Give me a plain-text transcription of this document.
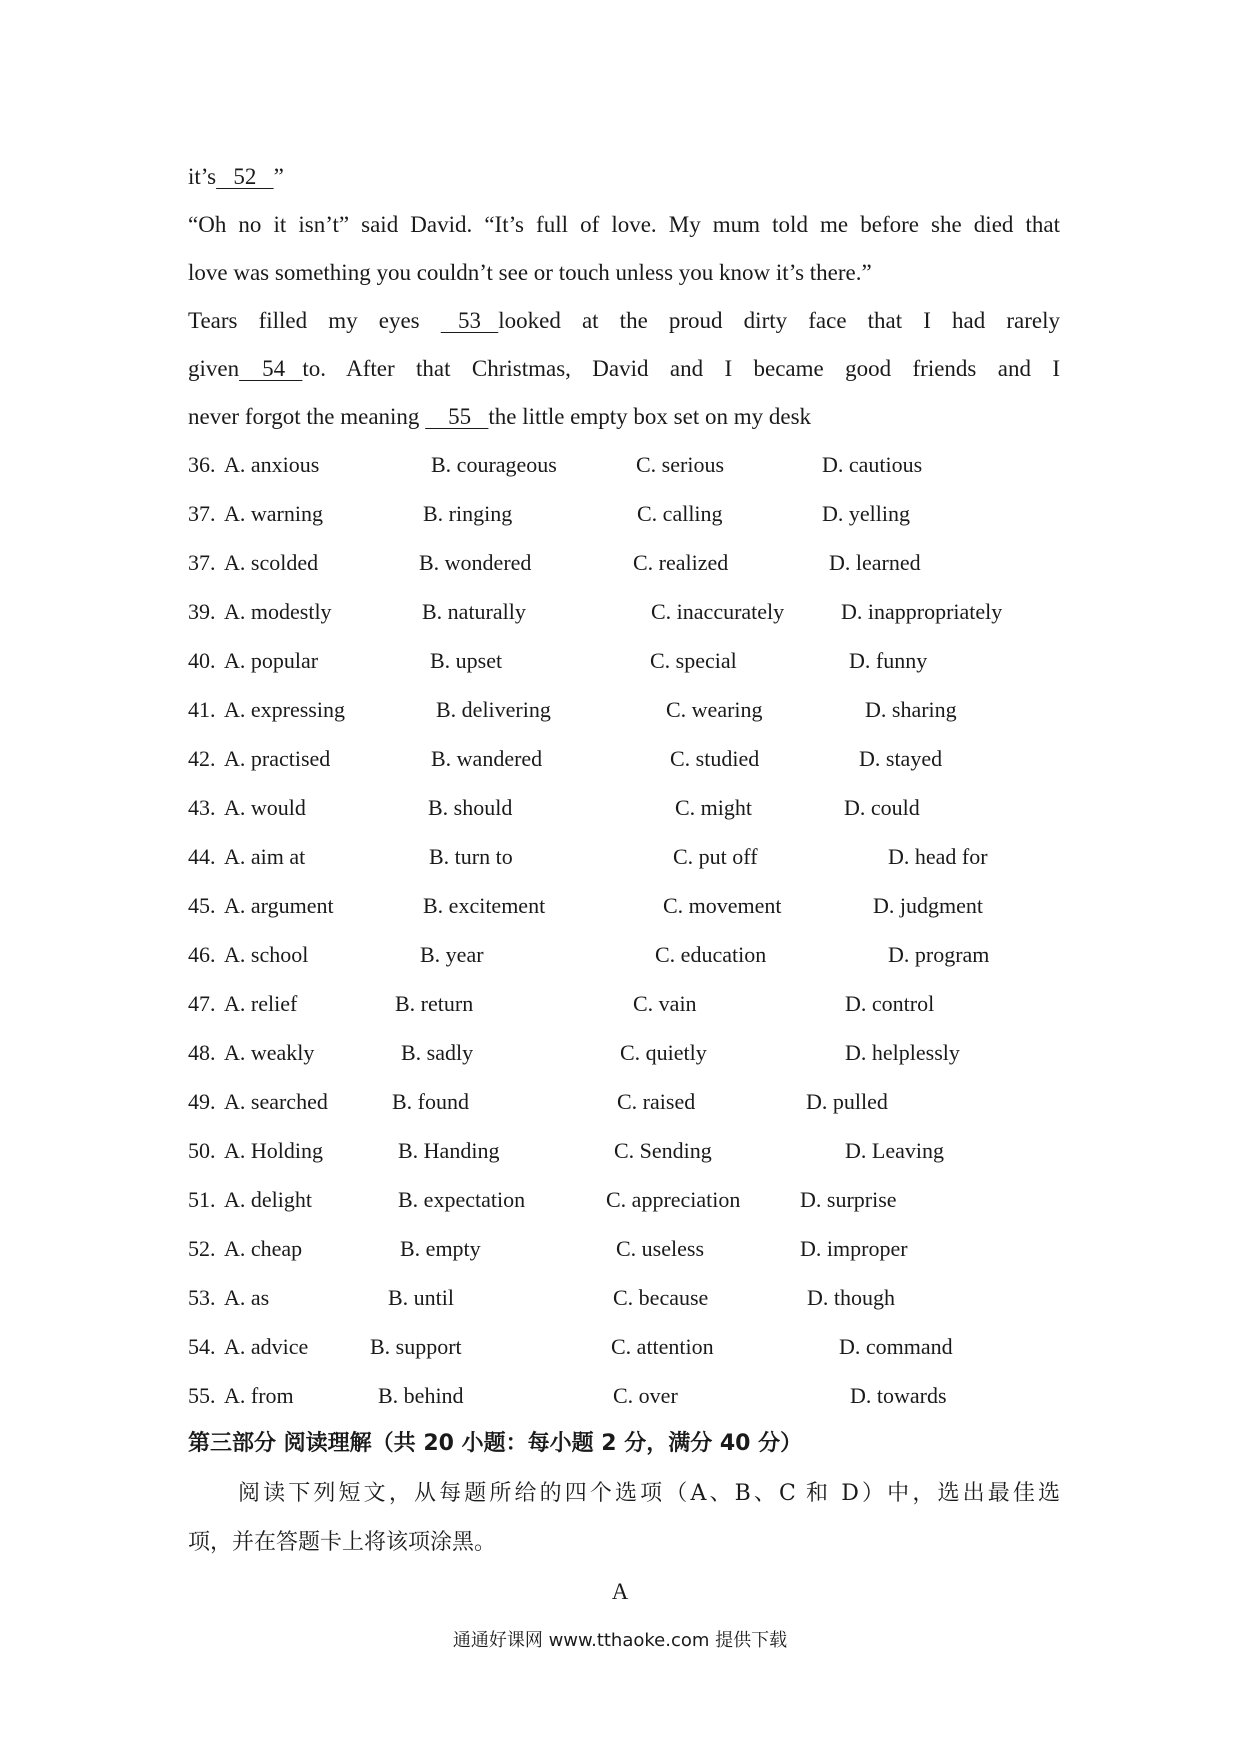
it’s   52   ”
“Oh no it isn’t” said David. “It’s full of love. My mum told me before she died that
love was something you couldn’t see or touch unless you know it’s there.”
Tears filled my eyes    53   looked at the proud dirty face that I had rarely
given    54   to. After that Christmas, David and I became good friends and I
never forgot the meaning     55   the little empty box set on my desk
36. A. anxious	B. courageous	C. serious	D. cautious
37. A. warning	B. ringing	C. calling	D. yelling
37. A. scolded	B. wondered	C. realized	D. learned
39. A. modestly	B. naturally	C. inaccurately	D. inappropriately
40. A. popular	B. upset	C. special	D. funny
41. A. expressing	B. delivering	C. wearing	D. sharing
42. A. practised	B. wandered	C. studied	D. stayed
43. A. would	B. should	C. might	D. could
44. A. aim at	B. turn to	C. put off	D. head for
45. A. argument	B. excitement	C. movement	D. judgment
46. A. school	B. year	C. education	D. program
47. A. relief	B. return	C. vain	D. control
48. A. weakly	B. sadly	C. quietly	D. helplessly
49. A. searched	B. found	C. raised	D. pulled
50. A. Holding	B. Handing	C. Sending	D. Leaving
51. A. delight	B. expectation	C. appreciation	D. surprise
52. A. cheap	B. empty	C. useless	D. improper
53. A. as	B. until	C. because	D. though
54. A. advice	B. support	C. attention	D. command
55. A. from	B. behind	C. over	D. towards
第三部分 阅读理解（共 20 小题：每小题 2 分，满分 40 分）
阅读下列短文，从每题所给的四个选项（A、B、C 和 D）中，选出最佳选
项，并在答题卡上将该项涂黑。
A
通通好课网 www.tthaoke.com 提供下载
